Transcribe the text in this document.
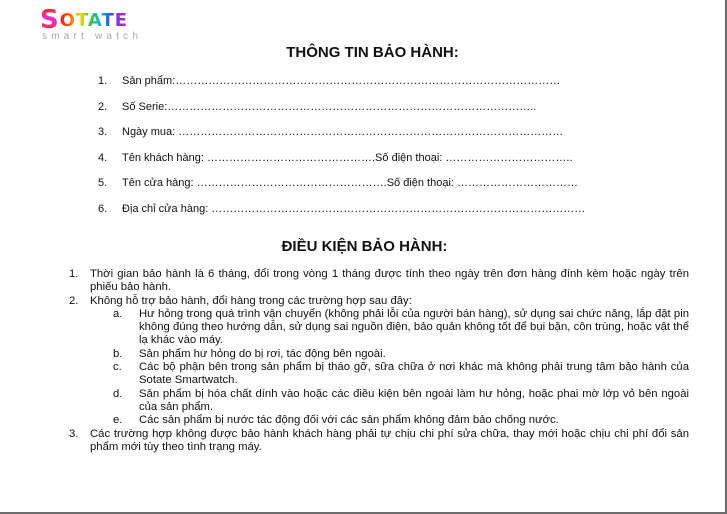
S OTATE
smart watch
THÔNG TIN BẢO HÀNH:
1.	Sản phẩm:……………………………………………………………………………………………
2.	Số Serie:………………………………………………………………………………………..
3.	Ngày mua: ……………………………………………………………………………………………
4.	Tên khách hàng: ……………………………………….Số điện thoại: ……………………………..
5.	Tên cửa hàng: …………………………………………….Số điện thoại: ……………………………
6.	Địa chỉ cửa hàng: …………………………………………………………………………………………
ĐIỀU KIỆN BẢO HÀNH:
1. Thời gian bảo hành là 6 tháng, đổi trong vòng 1 tháng được tính theo ngày trên đơn hàng đính kèm hoặc ngày trên phiếu bảo hành.
2. Không hỗ trợ bảo hành, đổi hàng trong các trường hợp sau đây:
a. Hư hỏng trong quá trình vận chuyển (không phải lỗi của người bán hàng), sử dụng sai chức năng, lắp đặt pin không đúng theo hướng dẫn, sử dụng sai nguồn điện, bảo quản không tốt để bụi bặn, côn trùng, hoặc vật thể lạ khác vào máy.
b. Sản phẩm hư hỏng do bị rơi, tác động bên ngoài.
c. Các bộ phận bên trong sản phẩm bị tháo gỡ, sữa chữa ở nơi khác mà không phải trung tâm bảo hành của Sotate Smartwatch.
d. Sản phẩm bị hóa chất dính vào hoặc các điều kiện bên ngoài làm hư hỏng, hoặc phai mờ lớp vỏ bên ngoài của sản phẩm.
e. Các sản phẩm bị nước tác động đối với các sản phẩm không đảm bảo chống nước.
3. Các trường hợp không được bảo hành khách hàng phải tự chịu chi phí sửa chữa, thay mới hoặc chịu chi phí đổi sản phẩm mới tùy theo tình trạng máy.
